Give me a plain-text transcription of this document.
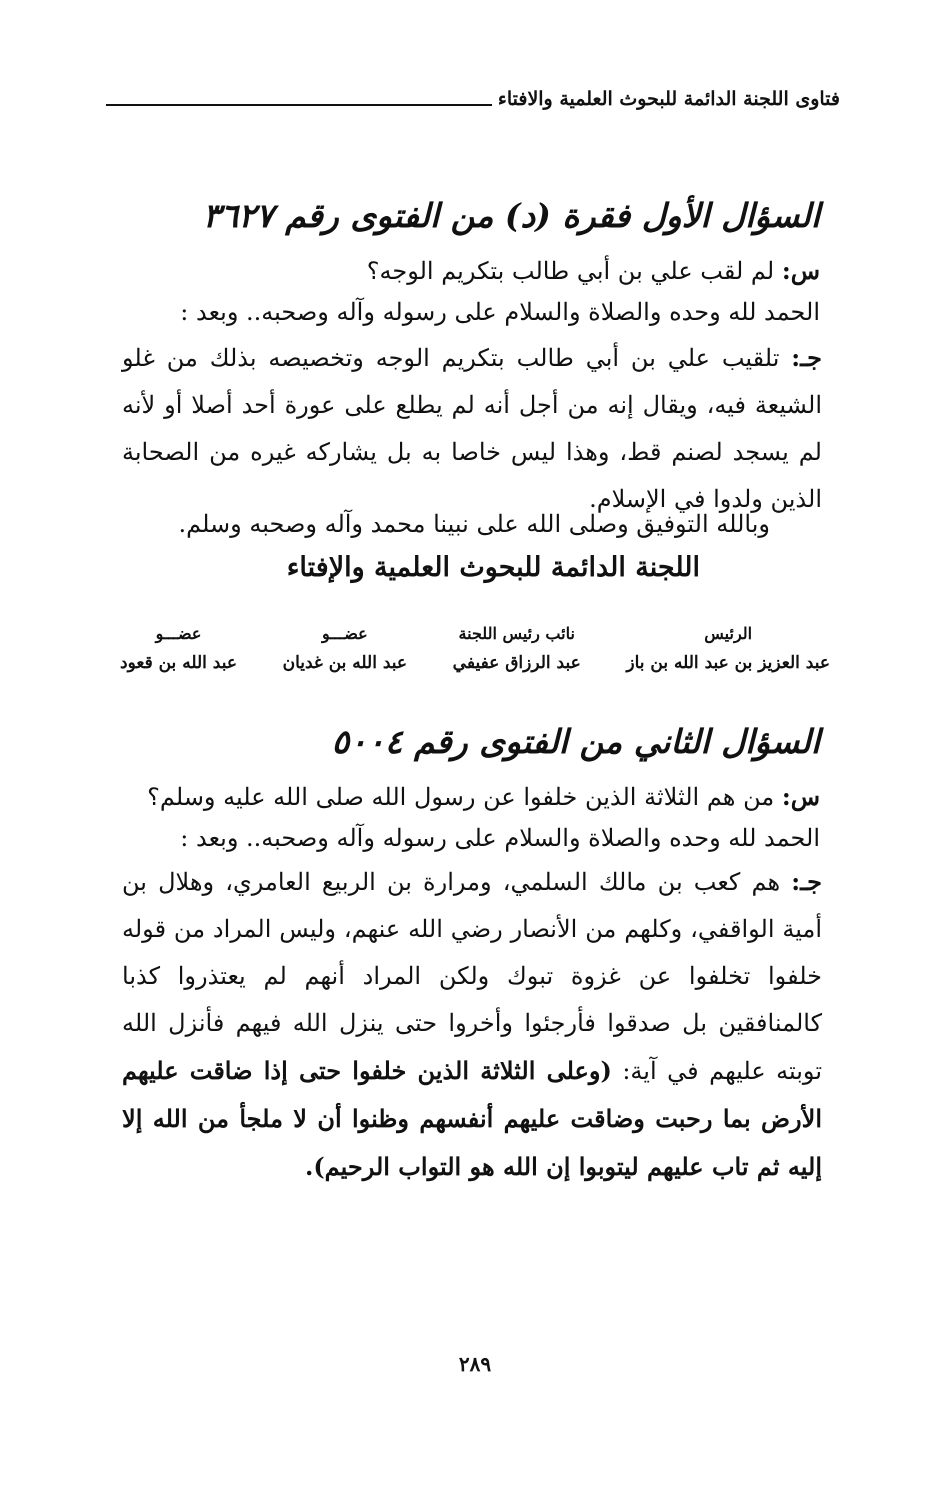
فتاوى اللجنة الدائمة للبحوث العلمية والافتاء
السؤال الأول فقرة (د) من الفتوى رقم ٣٦٢٧
س: لم لقب علي بن أبي طالب بتكريم الوجه؟
الحمد لله وحده والصلاة والسلام على رسوله وآله وصحبه.. وبعد :
جـ: تلقيب علي بن أبي طالب بتكريم الوجه وتخصيصه بذلك من غلو الشيعة فيه، ويقال إنه من أجل أنه لم يطلع على عورة أحد أصلا أو لأنه لم يسجد لصنم قط، وهذا ليس خاصا به بل يشاركه غيره من الصحابة الذين ولدوا في الإسلام.
وبالله التوفيق وصلى الله على نبينا محمد وآله وصحبه وسلم.
اللجنة الدائمة للبحوث العلمية والإفتاء
الرئيس
عبد العزيز بن عبد الله بن باز
نائب رئيس اللجنة
عبد الرزاق عفيفي
عضـــو
عبد الله بن غديان
عضـــو
عبد الله بن قعود
السؤال الثاني من الفتوى رقم ٥٠٠٤
س: من هم الثلاثة الذين خلفوا عن رسول الله صلى الله عليه وسلم؟
الحمد لله وحده والصلاة والسلام على رسوله وآله وصحبه.. وبعد :
جـ: هم كعب بن مالك السلمي، ومرارة بن الربيع العامري، وهلال بن أمية الواقفي، وكلهم من الأنصار رضي الله عنهم، وليس المراد من قوله خلفوا تخلفوا عن غزوة تبوك ولكن المراد أنهم لم يعتذروا كذبا كالمنافقين بل صدقوا فأرجئوا وأخروا حتى ينزل الله فيهم فأنزل الله توبته عليهم في آية: (وعلى الثلاثة الذين خلفوا حتى إذا ضاقت عليهم الأرض بما رحبت وضاقت عليهم أنفسهم وظنوا أن لا ملجأ من الله إلا إليه ثم تاب عليهم ليتوبوا إن الله هو التواب الرحيم).
٢٨٩
